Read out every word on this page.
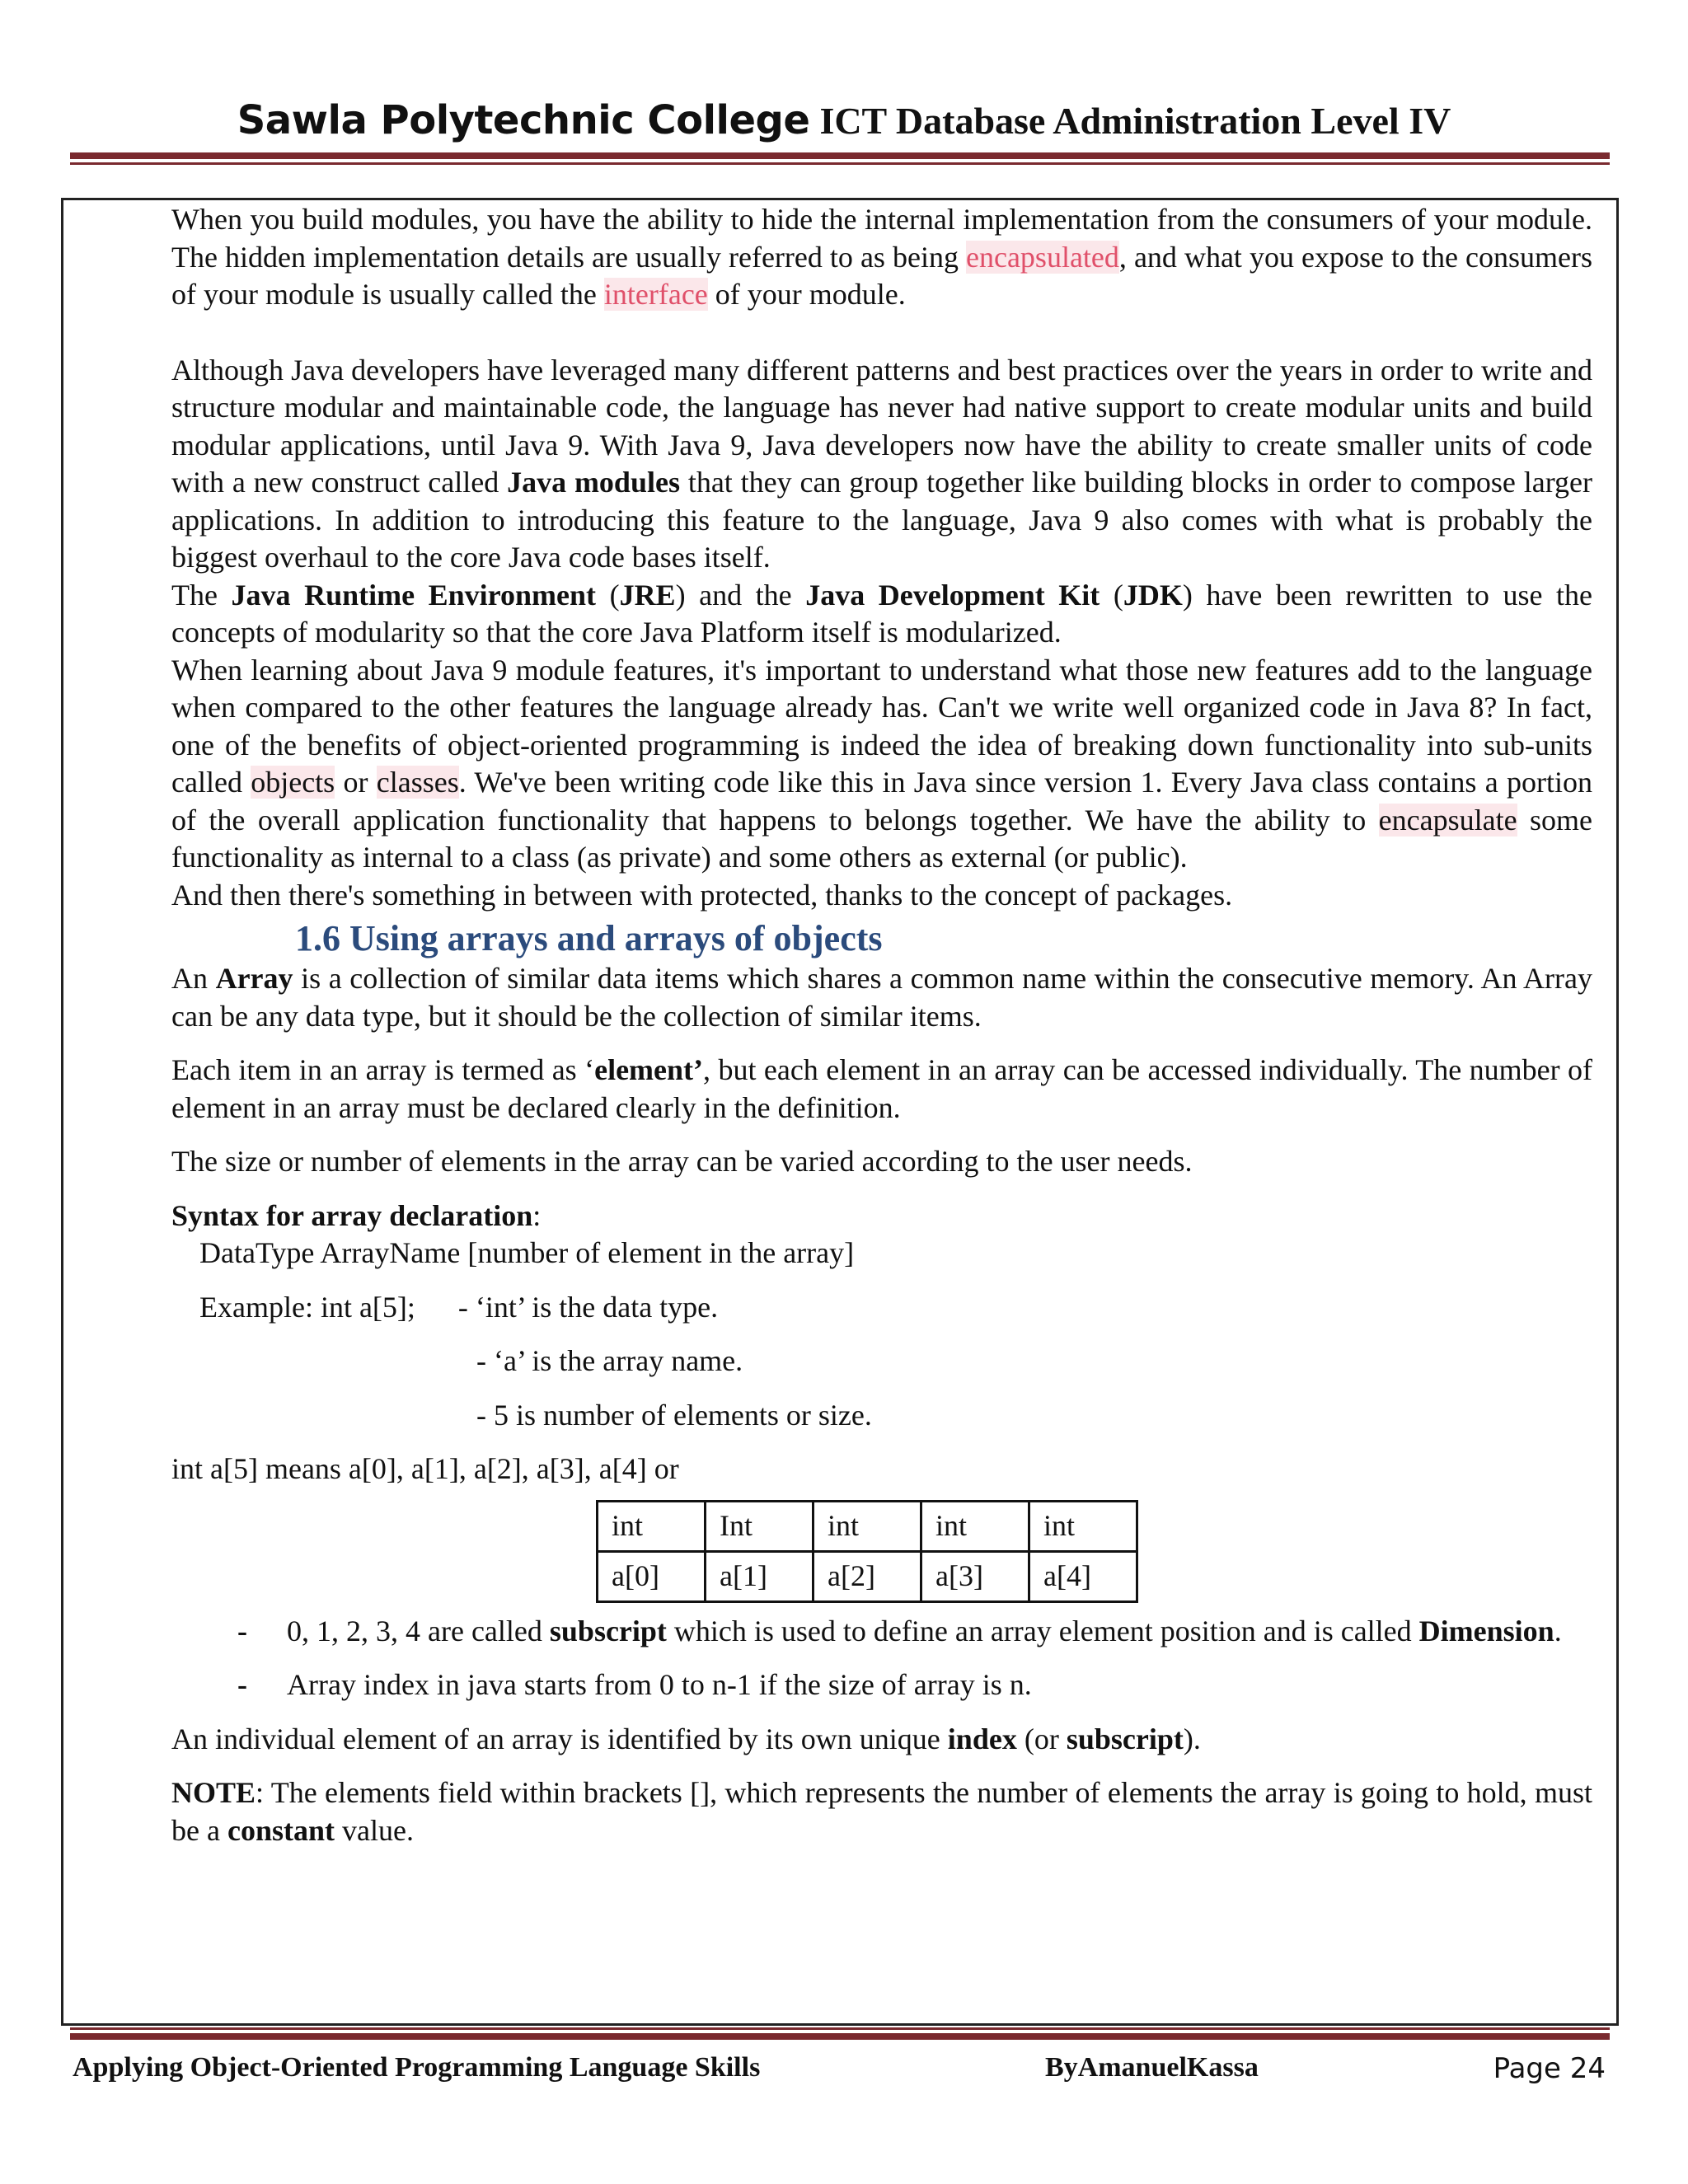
Sawla Polytechnic College ICT Database Administration Level IV

When you build modules, you have the ability to hide the internal implementation from the consumers of your module. The hidden implementation details are usually referred to as being encapsulated, and what you expose to the consumers of your module is usually called the interface of your module.

Although Java developers have leveraged many different patterns and best practices over the years in order to write and structure modular and maintainable code, the language has never had native support to create modular units and build modular applications, until Java 9. With Java 9, Java developers now have the ability to create smaller units of code with a new construct called Java modules that they can group together like building blocks in order to compose larger applications. In addition to introducing this feature to the language, Java 9 also comes with what is probably the biggest overhaul to the core Java code bases itself.

The Java Runtime Environment (JRE) and the Java Development Kit (JDK) have been rewritten to use the concepts of modularity so that the core Java Platform itself is modularized.

When learning about Java 9 module features, it's important to understand what those new features add to the language when compared to the other features the language already has. Can't we write well organized code in Java 8? In fact, one of the benefits of object-oriented programming is indeed the idea of breaking down functionality into sub-units called objects or classes. We've been writing code like this in Java since version 1. Every Java class contains a portion of the overall application functionality that happens to belongs together. We have the ability to encapsulate some functionality as internal to a class (as private) and some others as external (or public).

And then there's something in between with protected, thanks to the concept of packages.

1.6 Using arrays and arrays of objects

An Array is a collection of similar data items which shares a common name within the consecutive memory. An Array can be any data type, but it should be the collection of similar items.

Each item in an array is termed as ‘element’, but each element in an array can be accessed individually. The number of element in an array must be declared clearly in the definition.

The size or number of elements in the array can be varied according to the user needs.

Syntax for array declaration:

DataType ArrayName [number of element in the array]

Example: int a[5]; - ‘int’ is the data type.

- ‘a’ is the array name.

- 5 is number of elements or size.

int a[5] means a[0], a[1], a[2], a[3], a[4] or

int	Int	int	int	int
a[0]	a[1]	a[2]	a[3]	a[4]

- 0, 1, 2, 3, 4 are called subscript which is used to define an array element position and is called Dimension.

- Array index in java starts from 0 to n-1 if the size of array is n.

An individual element of an array is identified by its own unique index (or subscript).

NOTE: The elements field within brackets [], which represents the number of elements the array is going to hold, must be a constant value.

Applying Object-Oriented Programming Language Skills	ByAmanuelKassa	Page 24
